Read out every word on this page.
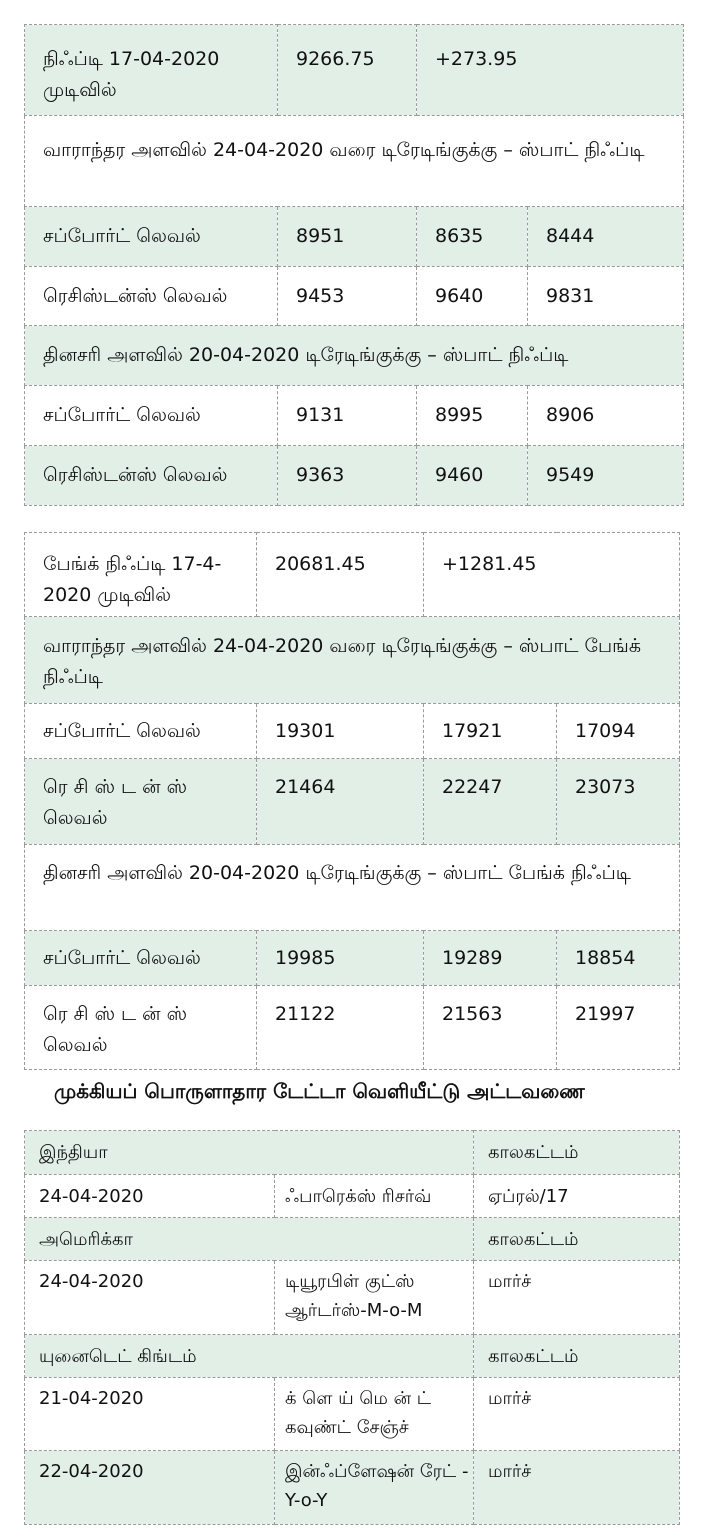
நிஃப்டி 17-04-2020 முடிவில்	9266.75	+273.95	
வாராந்தர அளவில் 24-04-2020 வரை டிரேடிங்குக்கு – ஸ்பாட் நிஃப்டி			
சப்போர்ட் லெவல்	8951	8635	8444
ரெசிஸ்டன்ஸ் லெவல்	9453	9640	9831
தினசரி அளவில் 20-04-2020 டிரேடிங்குக்கு – ஸ்பாட் நிஃப்டி			
சப்போர்ட் லெவல்	9131	8995	8906
ரெசிஸ்டன்ஸ் லெவல்	9363	9460	9549
பேங்க் நிஃப்டி 17-4-2020 முடிவில்	20681.45	+1281.45	
வாராந்தர அளவில் 24-04-2020 வரை டிரேடிங்குக்கு – ஸ்பாட் பேங்க் நிஃப்டி			
சப்போர்ட் லெவல்	19301	17921	17094
ரெ சி ஸ் ட ன் ஸ் லெவல்	21464	22247	23073
தினசரி அளவில் 20-04-2020 டிரேடிங்குக்கு – ஸ்பாட் பேங்க் நிஃப்டி			
சப்போர்ட் லெவல்	19985	19289	18854
ரெ சி ஸ் ட ன் ஸ் லெவல்	21122	21563	21997
முக்கியப் பொருளாதார டேட்டா வெளியீட்டு அட்டவணை
இந்தியா		காலகட்டம்
24-04-2020	ஃபாரெக்ஸ் ரிசர்வ்	ஏப்ரல்/17
அமெரிக்கா		காலகட்டம்
24-04-2020	டியூரபிள் குட்ஸ் ஆர்டர்ஸ்-M-o-M	மார்ச்
யுனைடெட் கிங்டம்		காலகட்டம்
21-04-2020	க் ளெ ய் மெ ன் ட் கவுண்ட் சேஞ்ச்	மார்ச்
22-04-2020	இன்ஃப்ளேஷன் ரேட் - Y-o-Y	மார்ச்
